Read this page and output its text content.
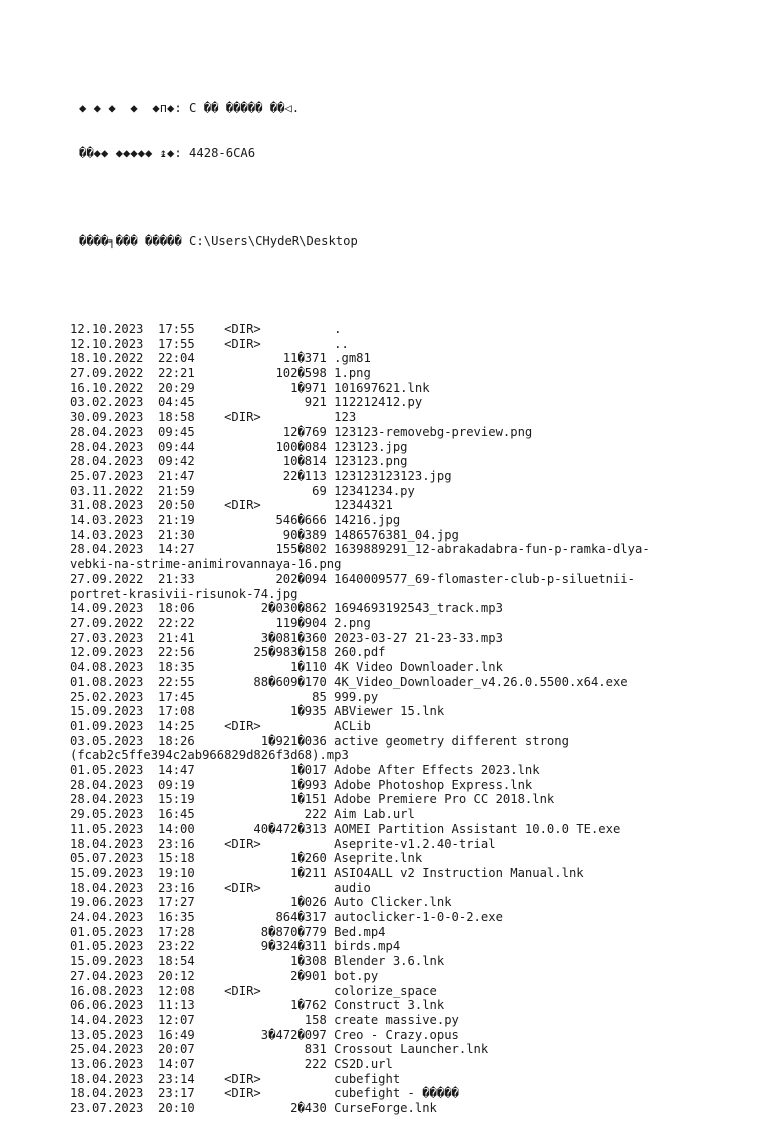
◆ ◆ ◆  ◆  ◆п◆: С �� ����� ��◁.

��◆◆ ◆◆◆◆◆ ↨◆: 4428-6CA6

����╕��� ����� C:\Users\CHydeR\Desktop

12.10.2023  17:55    <DIR>          .
12.10.2023  17:55    <DIR>          ..
18.10.2022  22:04            11�371 .gm81
27.09.2022  22:21           102�598 1.png
16.10.2022  20:29             1�971 101697621.lnk
03.02.2023  04:45               921 112212412.py
30.09.2023  18:58    <DIR>          123
28.04.2023  09:45            12�769 123123-removebg-preview.png
28.04.2023  09:44           100�084 123123.jpg
28.04.2023  09:42            10�814 123123.png
25.07.2023  21:47            22�113 123123123123.jpg
03.11.2022  21:59                69 12341234.py
31.08.2023  20:50    <DIR>          12344321
14.03.2023  21:19           546�666 14216.jpg
14.03.2023  21:30            90�389 1486576381_04.jpg
28.04.2023  14:27           155�802 1639889291_12-abrakadabra-fun-p-ramka-dlya-
vebki-na-strime-animirovannaya-16.png
27.09.2022  21:33           202�094 1640009577_69-flomaster-club-p-siluetnii-
portret-krasivii-risunok-74.jpg
14.09.2023  18:06         2�030�862 1694693192543_track.mp3
27.09.2022  22:22           119�904 2.png
27.03.2023  21:41         3�081�360 2023-03-27 21-23-33.mp3
12.09.2023  22:56        25�983�158 260.pdf
04.08.2023  18:35             1�110 4K Video Downloader.lnk
01.08.2023  22:55        88�609�170 4K_Video_Downloader_v4.26.0.5500.x64.exe
25.02.2023  17:45                85 999.py
15.09.2023  17:08             1�935 ABViewer 15.lnk
01.09.2023  14:25    <DIR>          ACLib
03.05.2023  18:26         1�921�036 active geometry different strong
(fcab2c5ffe394c2ab966829d826f3d68).mp3
01.05.2023  14:47             1�017 Adobe After Effects 2023.lnk
28.04.2023  09:19             1�993 Adobe Photoshop Express.lnk
28.04.2023  15:19             1�151 Adobe Premiere Pro CC 2018.lnk
29.05.2023  16:45               222 Aim Lab.url
11.05.2023  14:00        40�472�313 AOMEI Partition Assistant 10.0.0 TE.exe
18.04.2023  23:16    <DIR>          Aseprite-v1.2.40-trial
05.07.2023  15:18             1�260 Aseprite.lnk
15.09.2023  19:10             1�211 ASIO4ALL v2 Instruction Manual.lnk
18.04.2023  23:16    <DIR>          audio
19.06.2023  17:27             1�026 Auto Clicker.lnk
24.04.2023  16:35           864�317 autoclicker-1-0-0-2.exe
01.05.2023  17:28         8�870�779 Bed.mp4
01.05.2023  23:22         9�324�311 birds.mp4
15.09.2023  18:54             1�308 Blender 3.6.lnk
27.04.2023  20:12             2�901 bot.py
16.08.2023  12:08    <DIR>          colorize_space
06.06.2023  11:13             1�762 Construct 3.lnk
14.04.2023  12:07               158 create massive.py
13.05.2023  16:49         3�472�097 Creo - Crazy.opus
25.04.2023  20:07               831 Crossout Launcher.lnk
13.06.2023  14:07               222 CS2D.url
18.04.2023  23:14    <DIR>          cubefight
18.04.2023  23:17    <DIR>          cubefight - �����
23.07.2023  20:10             2�430 CurseForge.lnk
